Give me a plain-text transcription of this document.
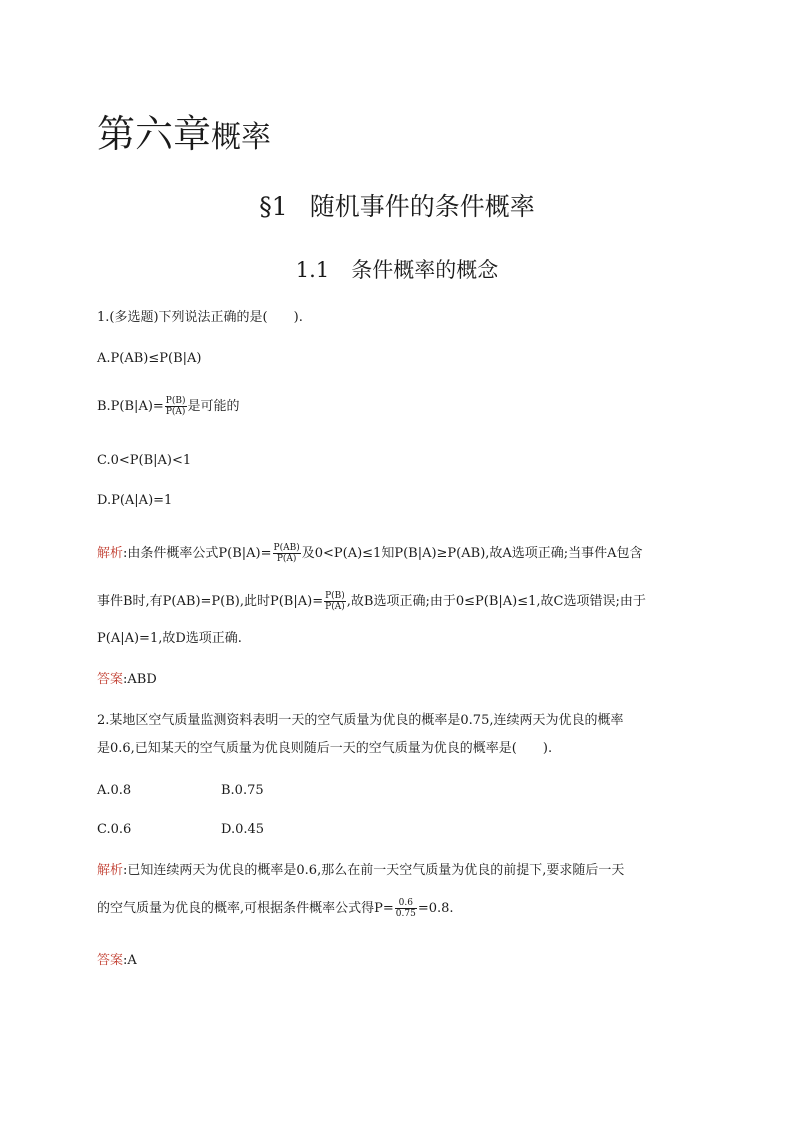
第六章概率
§1 随机事件的条件概率
1.1 条件概率的概念
1.(多选题)下列说法正确的是(　　).
A.P(AB)≤P(B|A)
$B.P(B|A)= \frac{P(B)}{P(A)}$ 是可能的
C.0<P(B|A)<1
D.P(A|A)=1
解析:由条件概率公式$P(B|A)= \frac{P(AB)}{P(A)}$ 及0<P(A)≤1知P(B|A)≥P(AB),故A选项正确;当事件A包含
事件B时,有P(AB)=P(B),此时$P(B|A)= \frac{P(B)}{P(A)}$ ,故B选项正确;由于0≤P(B|A)≤1,故C选项错误;由于
P(A|A)=1,故D选项正确.
答案:ABD
2.某地区空气质量监测资料表明一天的空气质量为优良的概率是0.75,连续两天为优良的概率
是0.6,已知某天的空气质量为优良则随后一天的空气质量为优良的概率是(　　).
A.0.8	B.0.75
C.0.6	D.0.45
解析:已知连续两天为优良的概率是0.6,那么在前一天空气质量为优良的前提下,要求随后一天
的空气质量为优良的概率,可根据条件概率公式得$P= \frac{0.6}{0.75} =0.8$.
答案:A
